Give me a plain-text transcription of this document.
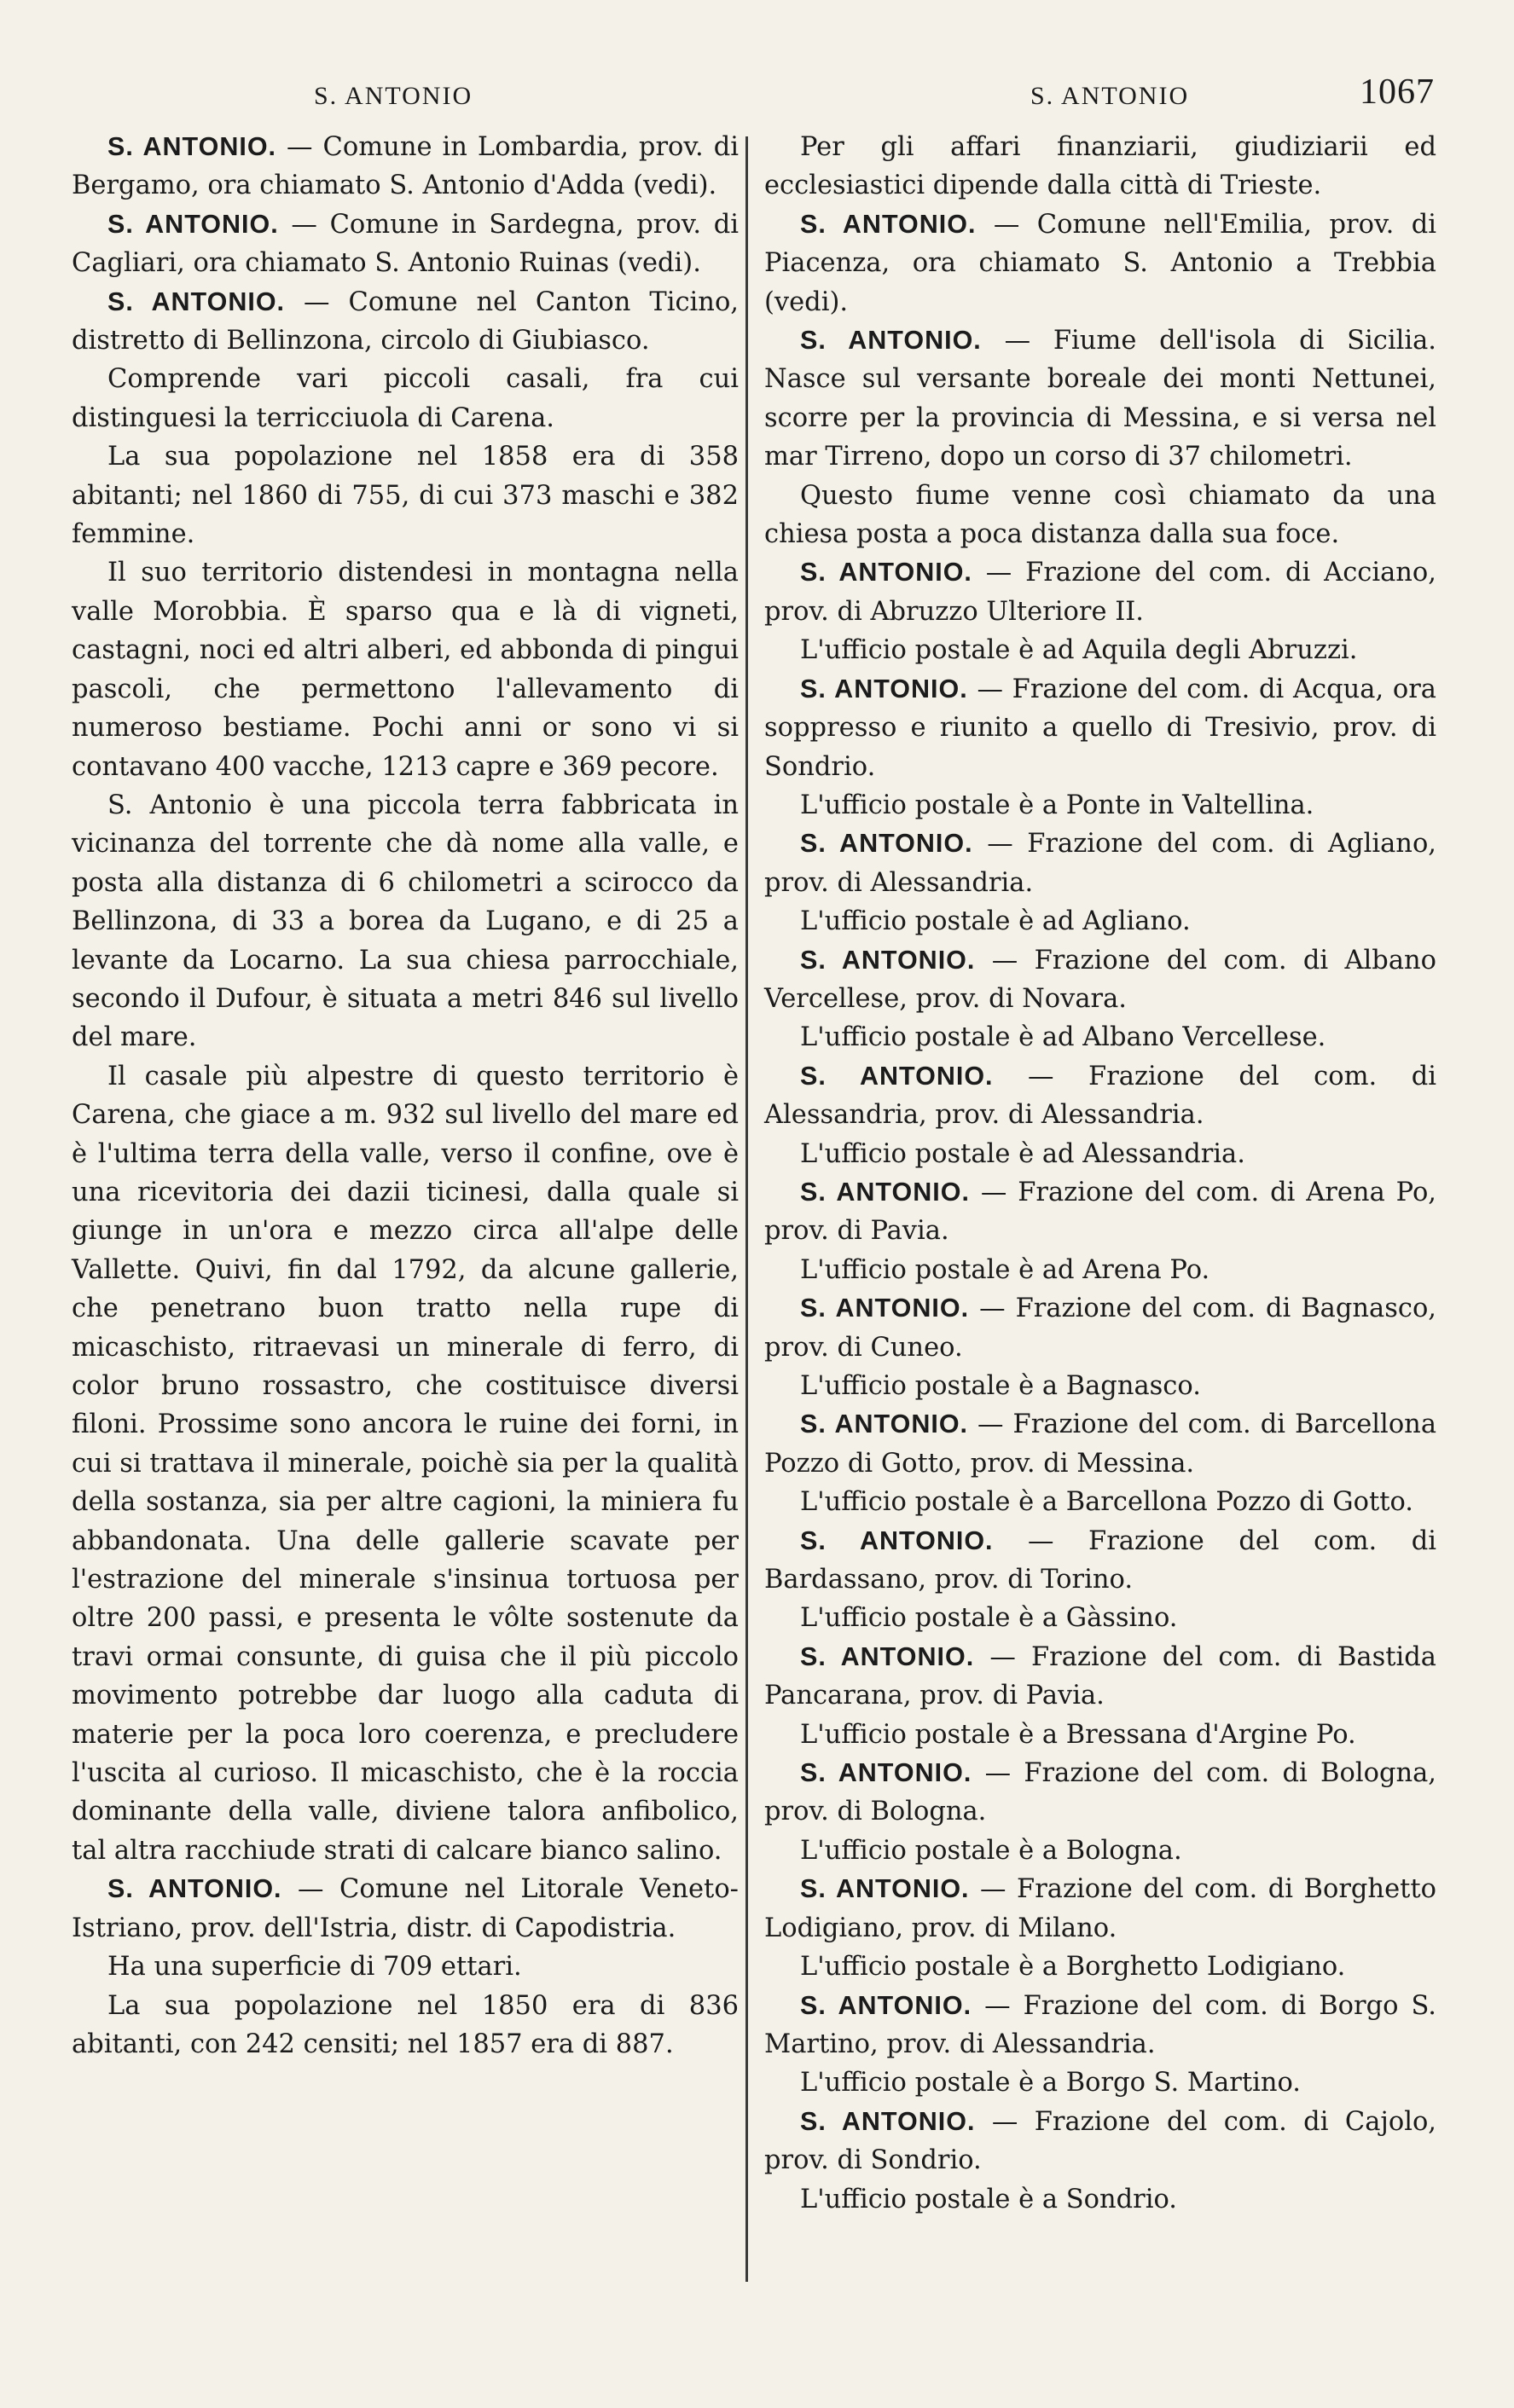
S. ANTONIO	S. ANTONIO	1067

S. ANTONIO. — Comune in Lombardia, prov. di Bergamo, ora chiamato S. Antonio d'Adda (vedi).

S. ANTONIO. — Comune in Sardegna, prov. di Cagliari, ora chiamato S. Antonio Ruinas (vedi).

S. ANTONIO. — Comune nel Canton Ticino, distretto di Bellinzona, circolo di Giubiasco.

Comprende vari piccoli casali, fra cui distinguesi la terricciuola di Carena.

La sua popolazione nel 1858 era di 358 abitanti; nel 1860 di 755, di cui 373 maschi e 382 femmine.

Il suo territorio distendesi in montagna nella valle Morobbia. È sparso qua e là di vigneti, castagni, noci ed altri alberi, ed abbonda di pingui pascoli, che permettono l'allevamento di numeroso bestiame. Pochi anni or sono vi si contavano 400 vacche, 1213 capre e 369 pecore.

S. Antonio è una piccola terra fabbricata in vicinanza del torrente che dà nome alla valle, e posta alla distanza di 6 chilometri a scirocco da Bellinzona, di 33 a borea da Lugano, e di 25 a levante da Locarno. La sua chiesa parrocchiale, secondo il Dufour, è situata a metri 846 sul livello del mare.

Il casale più alpestre di questo territorio è Carena, che giace a m. 932 sul livello del mare ed è l'ultima terra della valle, verso il confine, ove è una ricevitoria dei dazii ticinesi, dalla quale si giunge in un'ora e mezzo circa all'alpe delle Vallette. Quivi, fin dal 1792, da alcune gallerie, che penetrano buon tratto nella rupe di micaschisto, ritraevasi un minerale di ferro, di color bruno rossastro, che costituisce diversi filoni. Prossime sono ancora le ruine dei forni, in cui si trattava il minerale, poichè sia per la qualità della sostanza, sia per altre cagioni, la miniera fu abbandonata. Una delle gallerie scavate per l'estrazione del minerale s'insinua tortuosa per oltre 200 passi, e presenta le vôlte sostenute da travi ormai consunte, di guisa che il più piccolo movimento potrebbe dar luogo alla caduta di materie per la poca loro coerenza, e precludere l'uscita al curioso. Il micaschisto, che è la roccia dominante della valle, diviene talora anfibolico, tal altra racchiude strati di calcare bianco salino.

S. ANTONIO. — Comune nel Litorale Veneto-Istriano, prov. dell'Istria, distr. di Capodistria.

Ha una superficie di 709 ettari.

La sua popolazione nel 1850 era di 836 abitanti, con 242 censiti; nel 1857 era di 887.

Per gli affari finanziarii, giudiziarii ed ecclesiastici dipende dalla città di Trieste.

S. ANTONIO. — Comune nell'Emilia, prov. di Piacenza, ora chiamato S. Antonio a Trebbia (vedi).

S. ANTONIO. — Fiume dell'isola di Sicilia. Nasce sul versante boreale dei monti Nettunei, scorre per la provincia di Messina, e si versa nel mar Tirreno, dopo un corso di 37 chilometri.

Questo fiume venne così chiamato da una chiesa posta a poca distanza dalla sua foce.

S. ANTONIO. — Frazione del com. di Acciano, prov. di Abruzzo Ulteriore II.

L'ufficio postale è ad Aquila degli Abruzzi.

S. ANTONIO. — Frazione del com. di Acqua, ora soppresso e riunito a quello di Tresivio, prov. di Sondrio.

L'ufficio postale è a Ponte in Valtellina.

S. ANTONIO. — Frazione del com. di Agliano, prov. di Alessandria.

L'ufficio postale è ad Agliano.

S. ANTONIO. — Frazione del com. di Albano Vercellese, prov. di Novara.

L'ufficio postale è ad Albano Vercellese.

S. ANTONIO. — Frazione del com. di Alessandria, prov. di Alessandria.

L'ufficio postale è ad Alessandria.

S. ANTONIO. — Frazione del com. di Arena Po, prov. di Pavia.

L'ufficio postale è ad Arena Po.

S. ANTONIO. — Frazione del com. di Bagnasco, prov. di Cuneo.

L'ufficio postale è a Bagnasco.

S. ANTONIO. — Frazione del com. di Barcellona Pozzo di Gotto, prov. di Messina.

L'ufficio postale è a Barcellona Pozzo di Gotto.

S. ANTONIO. — Frazione del com. di Bardassano, prov. di Torino.

L'ufficio postale è a Gàssino.

S. ANTONIO. — Frazione del com. di Bastida Pancarana, prov. di Pavia.

L'ufficio postale è a Bressana d'Argine Po.

S. ANTONIO. — Frazione del com. di Bologna, prov. di Bologna.

L'ufficio postale è a Bologna.

S. ANTONIO. — Frazione del com. di Borghetto Lodigiano, prov. di Milano.

L'ufficio postale è a Borghetto Lodigiano.

S. ANTONIO. — Frazione del com. di Borgo S. Martino, prov. di Alessandria.

L'ufficio postale è a Borgo S. Martino.

S. ANTONIO. — Frazione del com. di Cajolo, prov. di Sondrio.

L'ufficio postale è a Sondrio.
